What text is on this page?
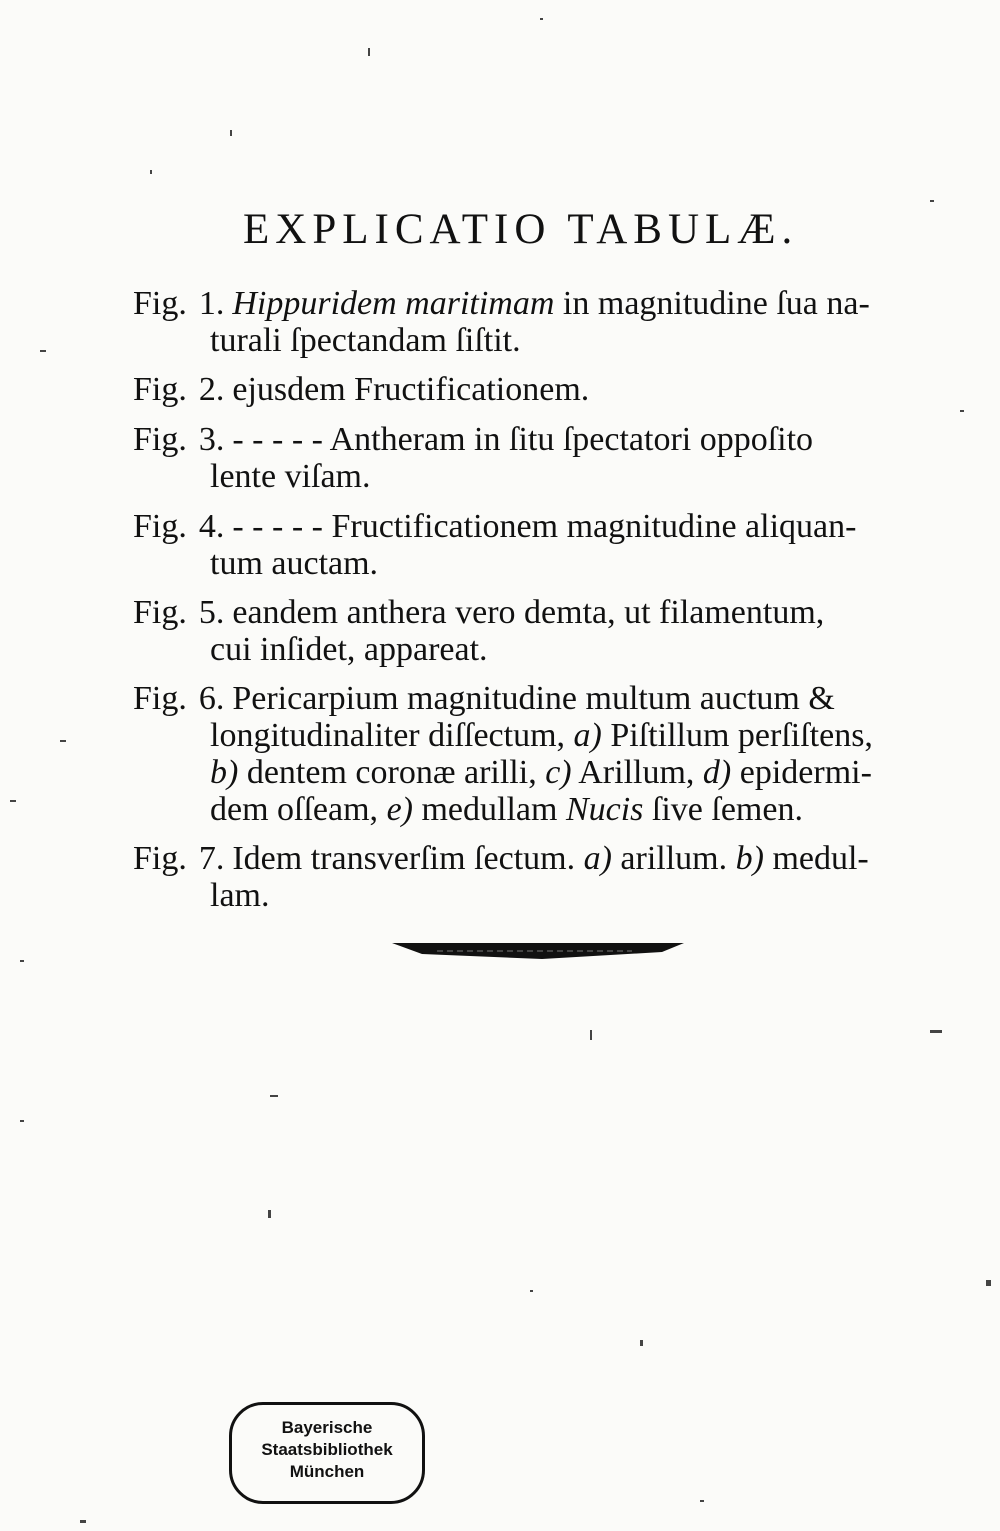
EXPLICATIO TABULÆ.
Fig. 1. Hippuridem maritimam in magnitudine ſua na-
turali ſpectandam ſiſtit.
Fig. 2. ejusdem Fructificationem.
Fig. 3. - - - - - Antheram in ſitu ſpectatori oppoſito
lente viſam.
Fig. 4. - - - - - Fructificationem magnitudine aliquan-
tum auctam.
Fig. 5. eandem anthera vero demta, ut filamentum,
cui inſidet, appareat.
Fig. 6. Pericarpium magnitudine multum auctum &
longitudinaliter diſſectum, a) Piſtillum perſiſtens,
b) dentem coronæ arilli, c) Arillum, d) epidermi-
dem oſſeam, e) medullam Nucis ſive ſemen.
Fig. 7. Idem transverſim ſectum. a) arillum. b) medul-
lam.
Bayerische
Staatsbibliothek
München
